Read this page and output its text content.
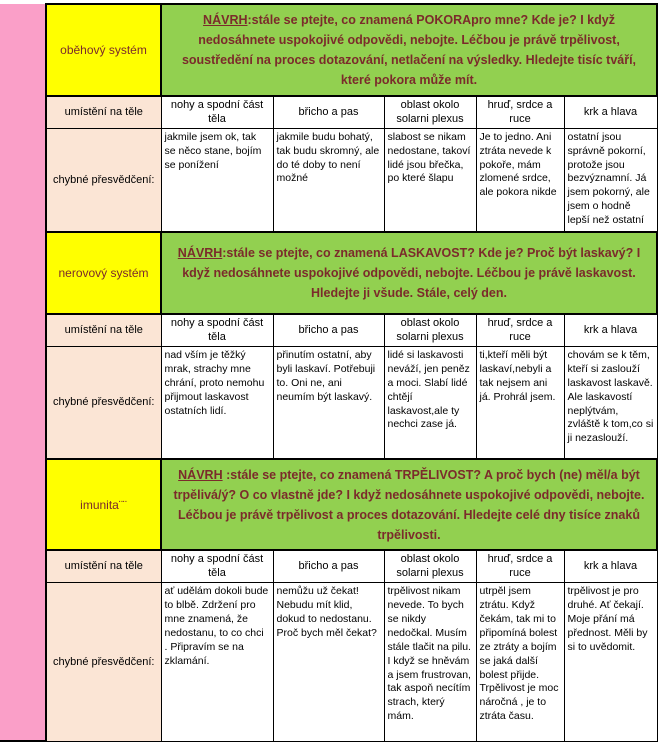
	oběhový systém	NÁVRH:stále se ptejte, co znamená POKORApro mne? Kde je? I když nedosáhnete uspokojivé odpovědi, nebojte. Léčbou je právě trpělivost, soustředění na proces dotazování, netlačení na výsledky. Hledejte tisíc tváří, které pokora může mít.				
	umístění na těle	nohy a spodní část těla	břicho a pas	oblast okolo solarni plexus	hruď, srdce a ruce	krk a hlava
	chybné přesvědčení:	jakmile jsem ok, tak se něco stane, bojím se ponížení	jakmile budu bohatý, tak budu skromný, ale do té doby to není možné	slabost se nikam nedostane, takoví lidé jsou břečka, po které šlapu	Je to jedno. Ani ztráta nevede k pokoře, mám zlomené srdce, ale pokora nikde	ostatní jsou správně pokorní, protože jsou bezvýznamní. Já jsem pokorný, ale jsem o hodně lepší než ostatní
	nerovový systém	NÁVRH:stále se ptejte, co znamená LASKAVOST? Kde je? Proč být laskavý? I když nedosáhnete uspokojivé odpovědi, nebojte. Léčbou je právě laskavost. Hledejte ji všude. Stále, celý den.				
	umístění na těle	nohy a spodní část těla	břicho a pas	oblast okolo solarni plexus	hruď, srdce a ruce	krk a hlava
	chybné přesvědčení:	nad vším je těžký mrak, strachy mne chrání, proto nemohu přijmout laskavost ostatních lidí.	přinutím ostatní, aby byli laskaví. Potřebuji to. Oni ne, ani neumím být laskavý.	lidé si laskavosti neváží, jen peněz a moci. Slabí lidé chtějí laskavost,ale ty nechci zase já.	ti,kteří měli být laskaví,nebyli a tak nejsem ani já. Prohrál jsem.	chovám se k těm, kteří si zaslouží laskavost laskavě. Ale laskavostí neplýtvám, zvláště k tom,co si ji nezaslouží.
	imunita¨¨	NÁVRH :stále se ptejte, co znamená TRPĚLIVOST? A proč bych (ne) měl/a být trpělivá/ý? O co vlastně jde? I když nedosáhnete uspokojivé odpovědi, nebojte. Léčbou je právě trpělivost a proces dotazování. Hledejte celé dny tisíce znaků trpělivosti.				
	umístění na těle	nohy a spodní část těla	břicho a pas	oblast okolo solarni plexus	hruď, srdce a ruce	krk a hlava
	chybné přesvědčení:	ať udělám dokoli bude to blbě. Zdržení pro mne znamená, že nedostanu, to co chci . Připravím se na zklamání.	nemůžu už čekat! Nebudu mít klid, dokud to nedostanu. Proč bych měl čekat?	trpělivost nikam nevede. To bych se nikdy nedočkal. Musím stále tlačit na pilu. I když se hněvám a jsem frustrovan, tak aspoň necítím strach, který mám.	utrpěl jsem ztrátu. Když čekám, tak mi to připomíná bolest ze ztráty a bojím se jaká další bolest přijde. Trpělivost je moc náročná , je to ztráta času.	trpělivost je pro druhé. Ať čekají. Moje přání má přednost. Měli by si to uvědomit.
